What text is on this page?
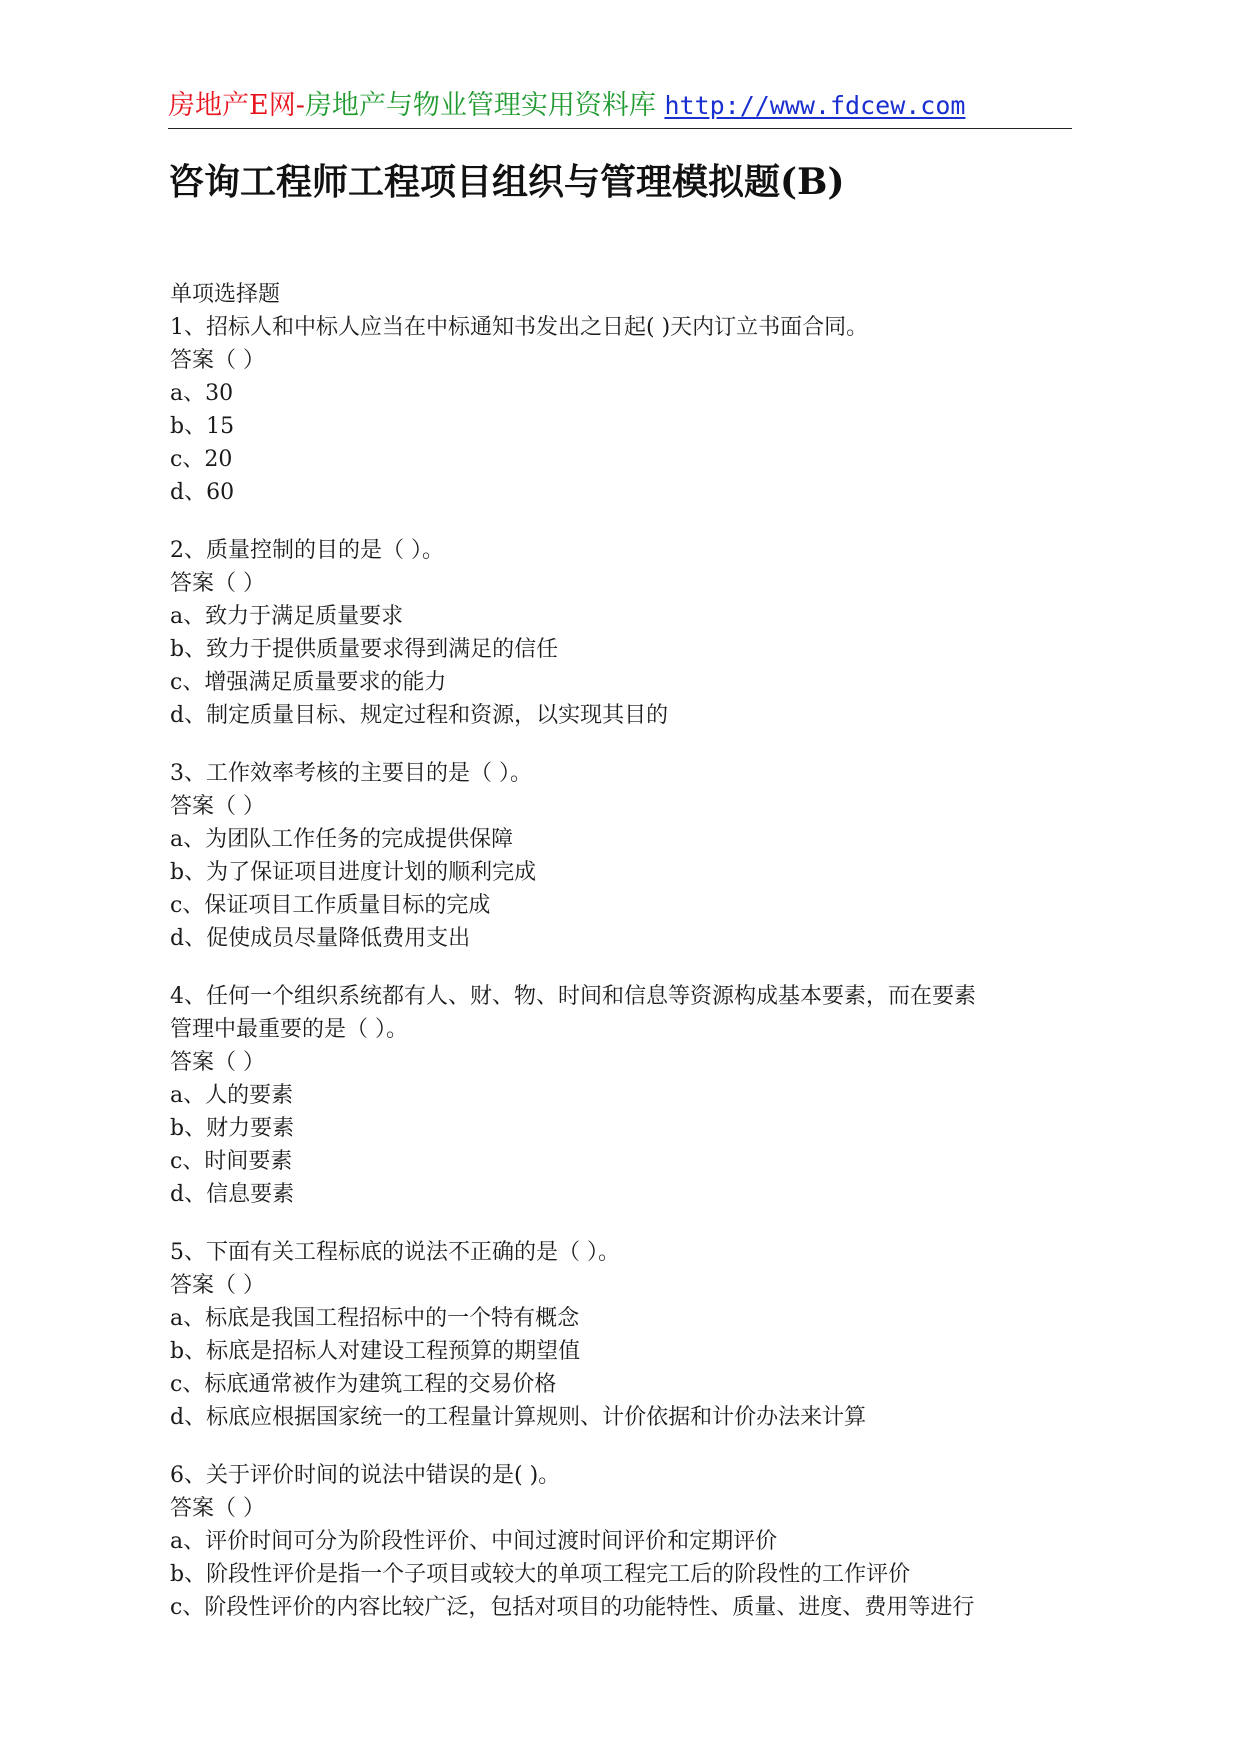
房地产E网-房地产与物业管理实用资料库 http://www.fdcew.com
咨询工程师工程项目组织与管理模拟题(B)
单项选择题
1、招标人和中标人应当在中标通知书发出之日起( )天内订立书面合同。
答案（ ）
a、30
b、15
c、20
d、60
2、质量控制的目的是（ ）。
答案（ ）
a、致力于满足质量要求
b、致力于提供质量要求得到满足的信任
c、增强满足质量要求的能力
d、制定质量目标、规定过程和资源，以实现其目的
3、工作效率考核的主要目的是（ ）。
答案（ ）
a、为团队工作任务的完成提供保障
b、为了保证项目进度计划的顺利完成
c、保证项目工作质量目标的完成
d、促使成员尽量降低费用支出
4、任何一个组织系统都有人、财、物、时间和信息等资源构成基本要素，而在要素
管理中最重要的是（ ）。
答案（ ）
a、人的要素
b、财力要素
c、时间要素
d、信息要素
5、下面有关工程标底的说法不正确的是（ ）。
答案（ ）
a、标底是我国工程招标中的一个特有概念
b、标底是招标人对建设工程预算的期望值
c、标底通常被作为建筑工程的交易价格
d、标底应根据国家统一的工程量计算规则、计价依据和计价办法来计算
6、关于评价时间的说法中错误的是( )。
答案（ ）
a、评价时间可分为阶段性评价、中间过渡时间评价和定期评价
b、阶段性评价是指一个子项目或较大的单项工程完工后的阶段性的工作评价
c、阶段性评价的内容比较广泛，包括对项目的功能特性、质量、进度、费用等进行
